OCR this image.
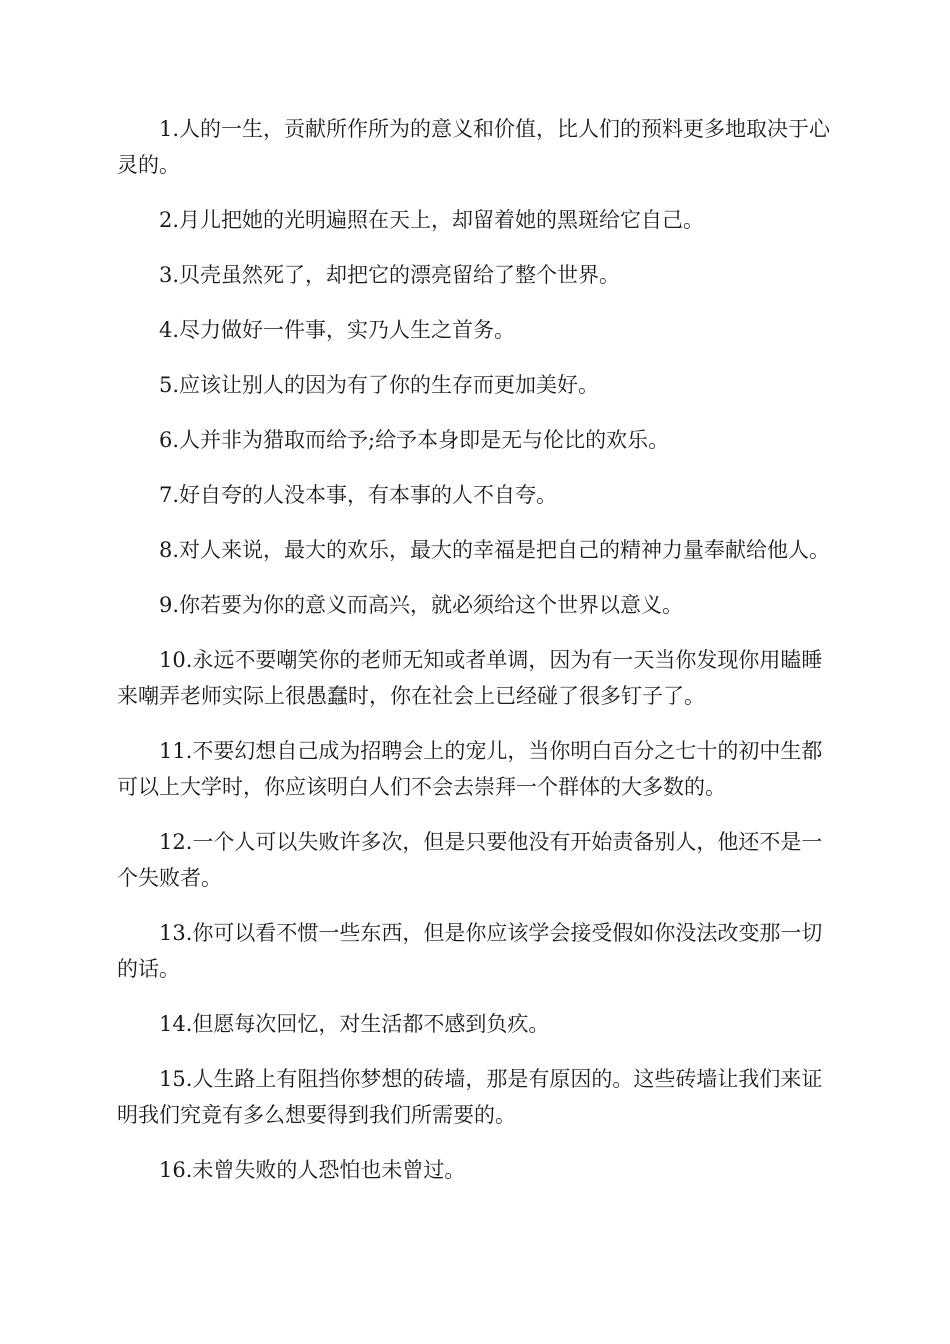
1.人的一生，贡献所作所为的意义和价值，比人们的预料更多地取决于心灵的。

2.月儿把她的光明遍照在天上，却留着她的黑斑给它自己。

3.贝壳虽然死了，却把它的漂亮留给了整个世界。

4.尽力做好一件事，实乃人生之首务。

5.应该让别人的因为有了你的生存而更加美好。

6.人并非为猎取而给予;给予本身即是无与伦比的欢乐。

7.好自夸的人没本事，有本事的人不自夸。

8.对人来说，最大的欢乐，最大的幸福是把自己的精神力量奉献给他人。

9.你若要为你的意义而高兴，就必须给这个世界以意义。

10.永远不要嘲笑你的老师无知或者单调，因为有一天当你发现你用瞌睡来嘲弄老师实际上很愚蠢时，你在社会上已经碰了很多钉子了。

11.不要幻想自己成为招聘会上的宠儿，当你明白百分之七十的初中生都可以上大学时，你应该明白人们不会去崇拜一个群体的大多数的。

12.一个人可以失败许多次，但是只要他没有开始责备别人，他还不是一个失败者。

13.你可以看不惯一些东西，但是你应该学会接受假如你没法改变那一切的话。

14.但愿每次回忆，对生活都不感到负疚。

15.人生路上有阻挡你梦想的砖墙，那是有原因的。这些砖墙让我们来证明我们究竟有多么想要得到我们所需要的。

16.未曾失败的人恐怕也未曾过。
